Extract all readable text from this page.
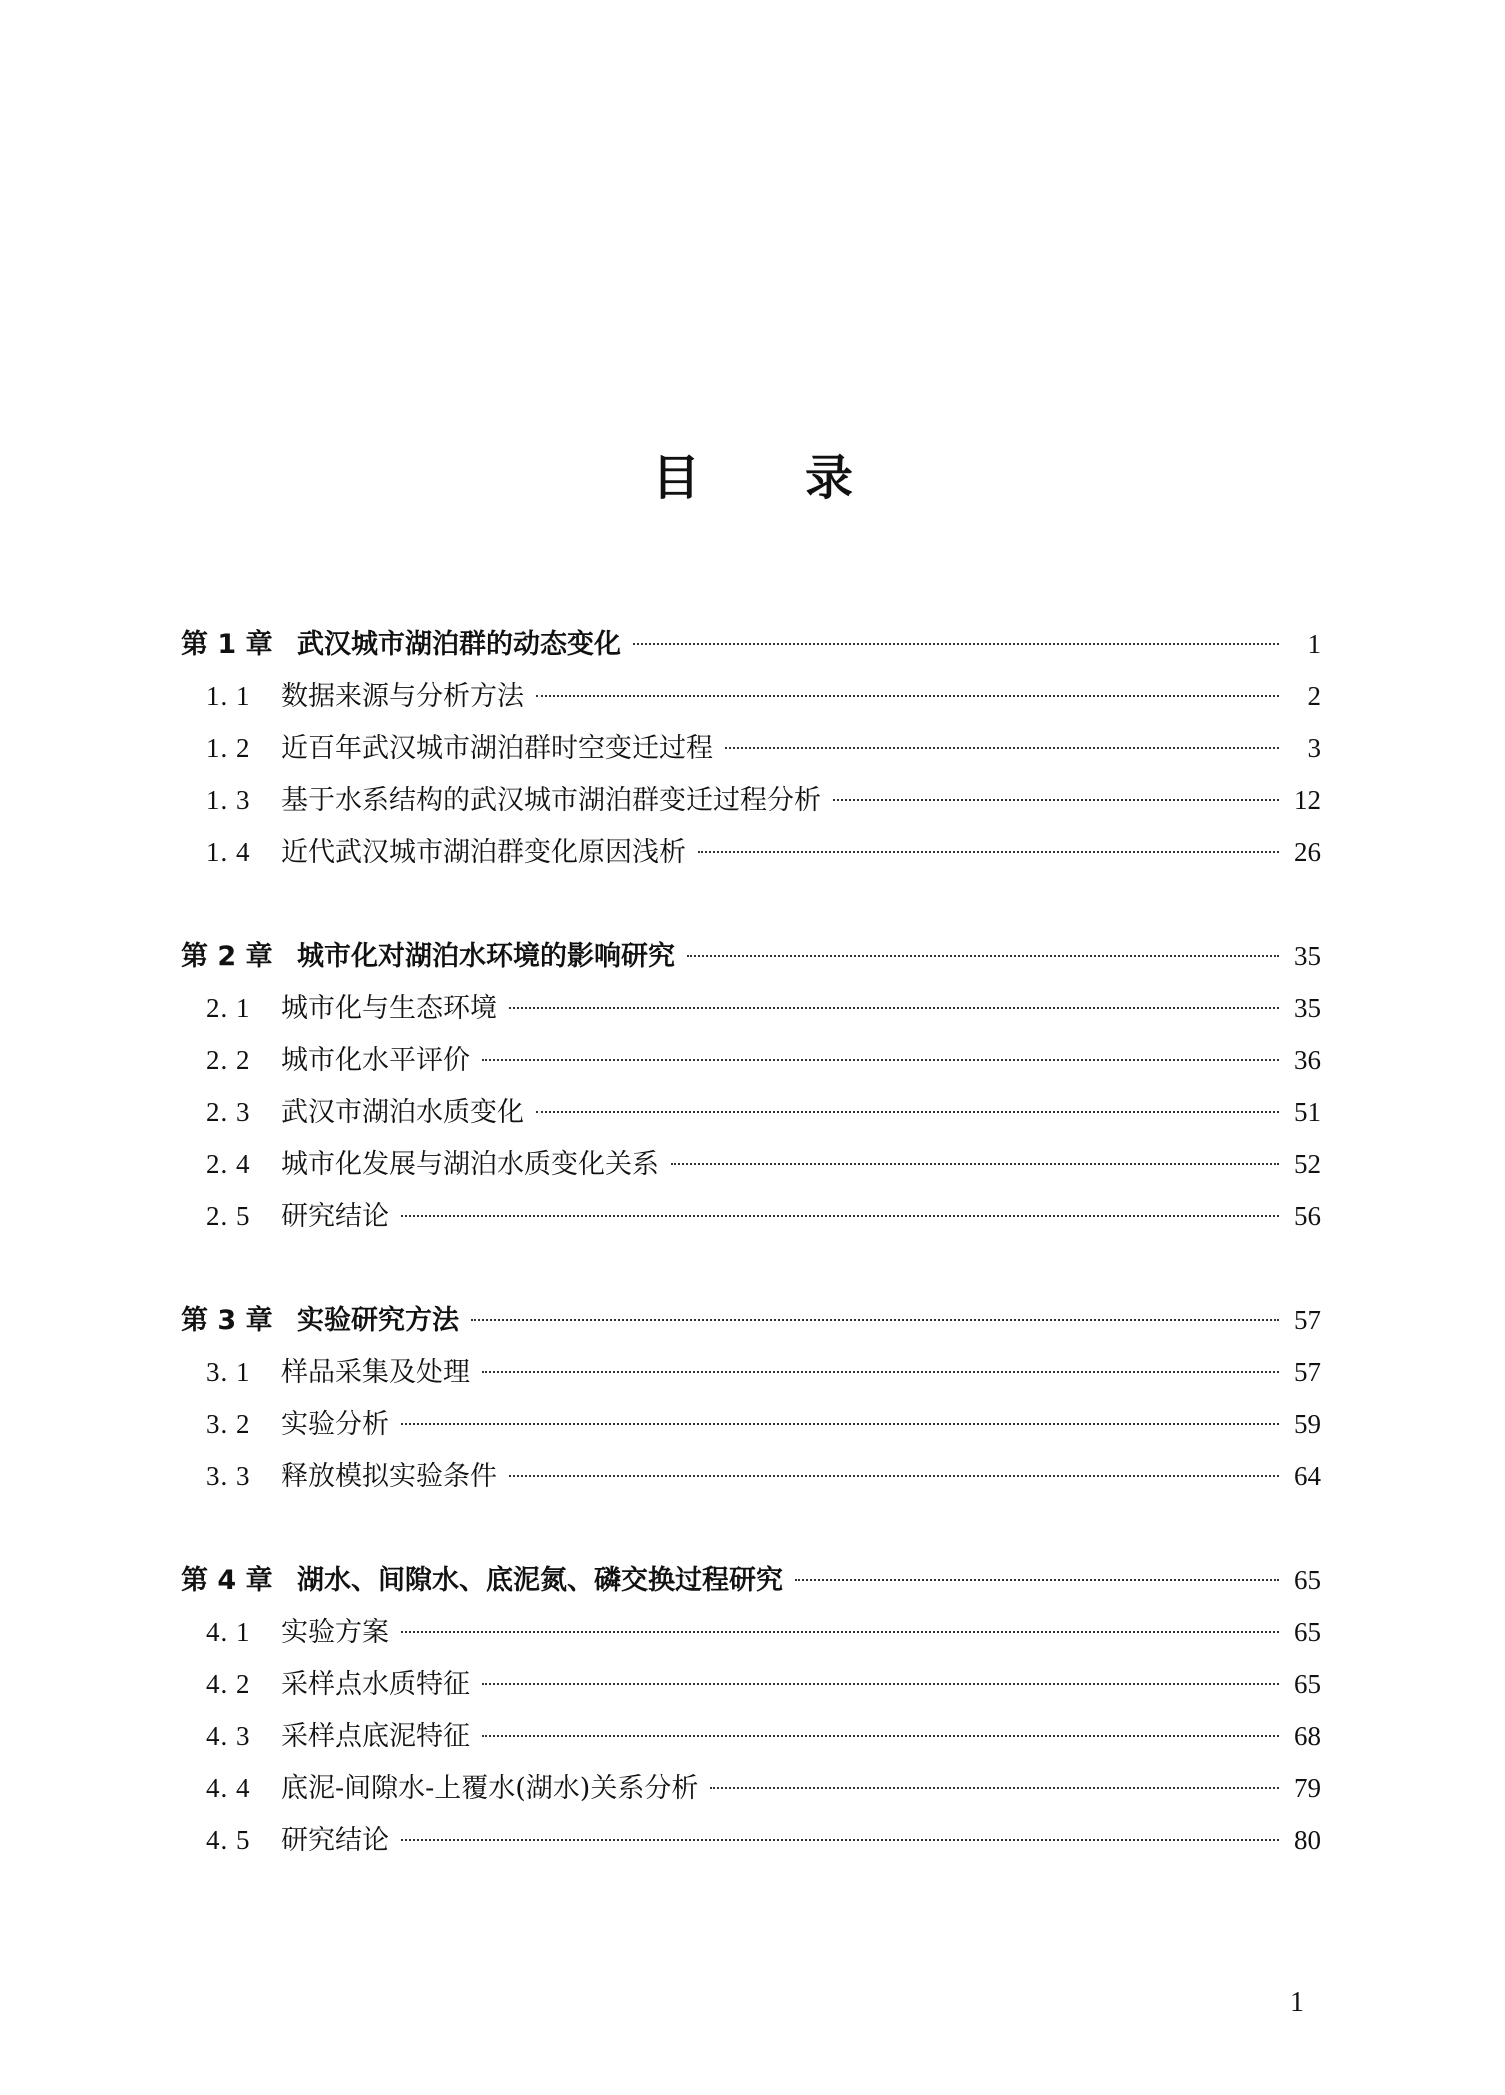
目录
第 1 章 武汉城市湖泊群的动态变化	1
1. 1	数据来源与分析方法	2
1. 2	近百年武汉城市湖泊群时空变迁过程	3
1. 3	基于水系结构的武汉城市湖泊群变迁过程分析	12
1. 4	近代武汉城市湖泊群变化原因浅析	26
第 2 章 城市化对湖泊水环境的影响研究	35
2. 1	城市化与生态环境	35
2. 2	城市化水平评价	36
2. 3	武汉市湖泊水质变化	51
2. 4	城市化发展与湖泊水质变化关系	52
2. 5	研究结论	56
第 3 章 实验研究方法	57
3. 1	样品采集及处理	57
3. 2	实验分析	59
3. 3	释放模拟实验条件	64
第 4 章 湖水、间隙水、底泥氮、磷交换过程研究	65
4. 1	实验方案	65
4. 2	采样点水质特征	65
4. 3	采样点底泥特征	68
4. 4	底泥-间隙水-上覆水(湖水)关系分析	79
4. 5	研究结论	80
1
